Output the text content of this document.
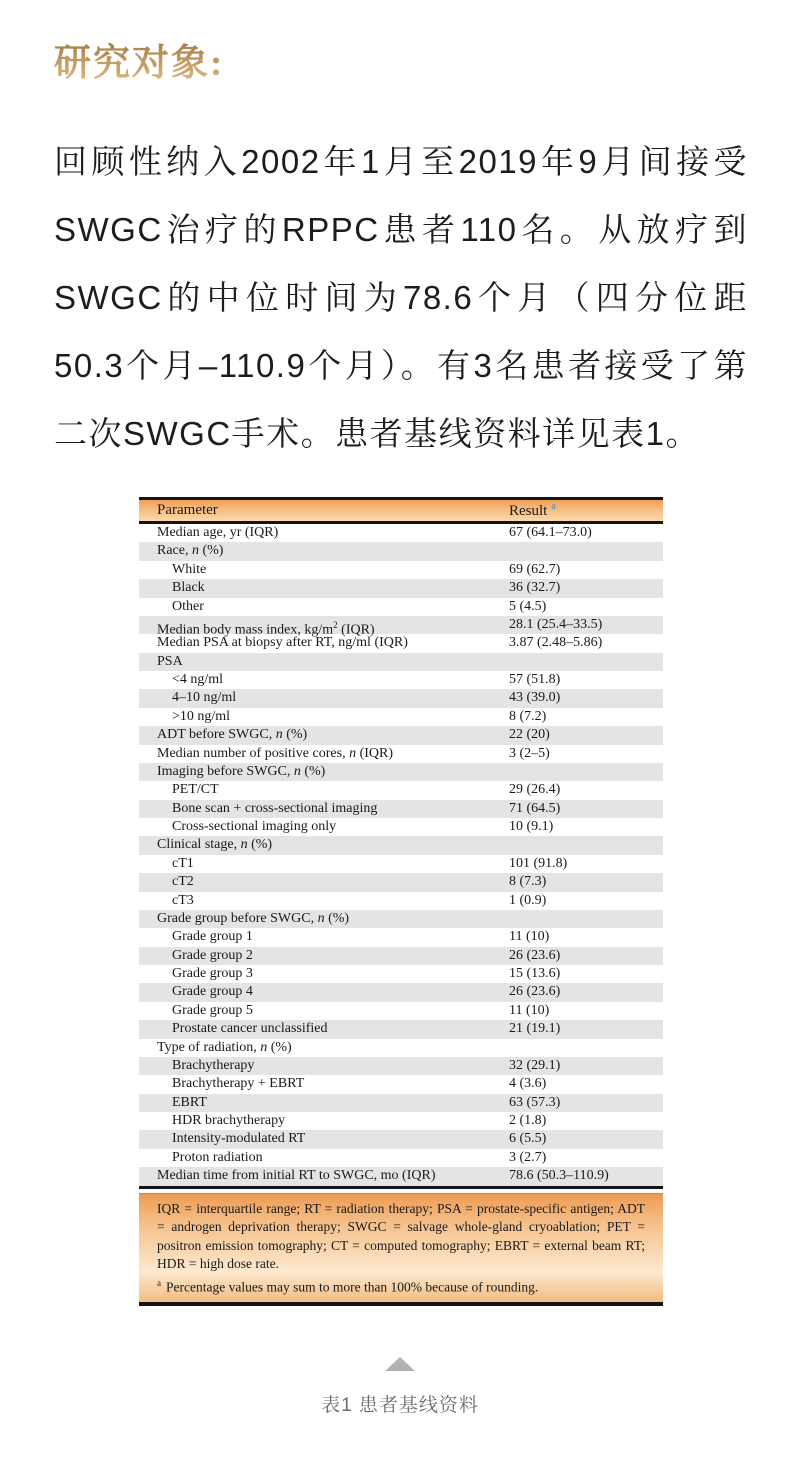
研究对象:

回顾性纳入2002年1月至2019年9月间接受SWGC治疗的RPPC患者110名。从放疗到SWGC的中位时间为78.6个月（四分位距50.3个月–110.9个月）。有3名患者接受了第二次SWGC手术。患者基线资料详见表1。

Parameter	Result $^a$
Median age, yr (IQR)	67 (64.1–73.0)
Race, n (%)
White	69 (62.7)
Black	36 (32.7)
Other	5 (4.5)
Median body mass index, $kg/m^2$ (IQR)	28.1 (25.4–33.5)
Median PSA at biopsy after RT, ng/ml (IQR)	3.87 (2.48–5.86)
PSA
<4 ng/ml	57 (51.8)
4–10 ng/ml	43 (39.0)
>10 ng/ml	8 (7.2)
ADT before SWGC, n (%)	22 (20)
Median number of positive cores, n (IQR)	3 (2–5)
Imaging before SWGC, n (%)
PET/CT	29 (26.4)
Bone scan + cross-sectional imaging	71 (64.5)
Cross-sectional imaging only	10 (9.1)
Clinical stage, n (%)
cT1	101 (91.8)
cT2	8 (7.3)
cT3	1 (0.9)
Grade group before SWGC, n (%)
Grade group 1	11 (10)
Grade group 2	26 (23.6)
Grade group 3	15 (13.6)
Grade group 4	26 (23.6)
Grade group 5	11 (10)
Prostate cancer unclassified	21 (19.1)
Type of radiation, n (%)
Brachytherapy	32 (29.1)
Brachytherapy + EBRT	4 (3.6)
EBRT	63 (57.3)
HDR brachytherapy	2 (1.8)
Intensity-modulated RT	6 (5.5)
Proton radiation	3 (2.7)
Median time from initial RT to SWGC, mo (IQR)	78.6 (50.3–110.9)
IQR = interquartile range; RT = radiation therapy; PSA = prostate-specific antigen; ADT = androgen deprivation therapy; SWGC = salvage whole-gland cryoablation; PET = positron emission tomography; CT = computed tomography; EBRT = external beam RT; HDR = high dose rate.
$^a$ Percentage values may sum to more than 100% because of rounding.
表1 患者基线资料
